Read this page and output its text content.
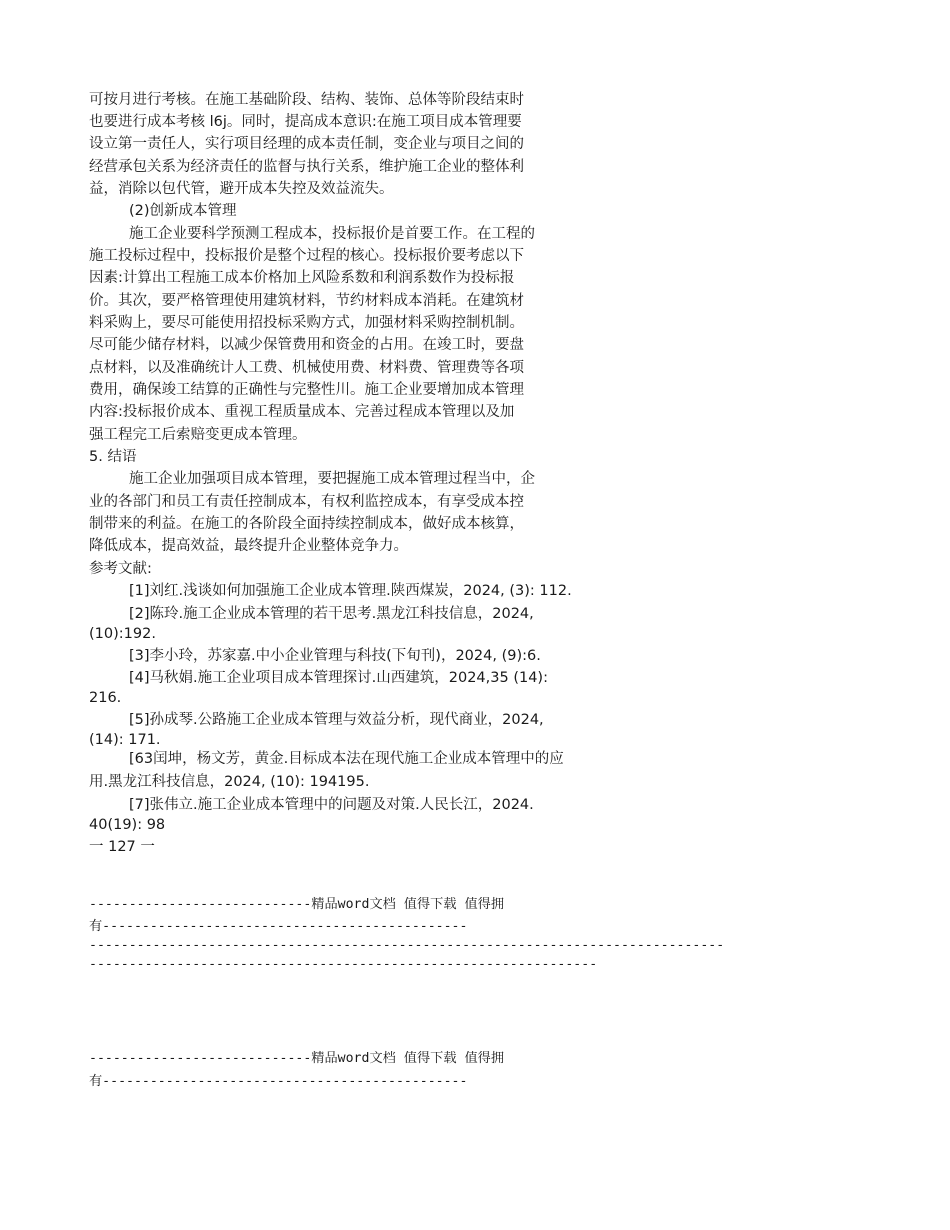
可按月进行考核。在施工基础阶段、结构、装饰、总体等阶段结束时
也要进行成本考核 l6j。同时，提高成本意识:在施工项目成本管理要
设立第一责任人，实行项目经理的成本责任制，变企业与项目之间的
经营承包关系为经济责任的监督与执行关系，维护施工企业的整体利
益，消除以包代管，避开成本失控及效益流失。
(2)创新成本管理
施工企业要科学预测工程成本，投标报价是首要工作。在工程的
施工投标过程中，投标报价是整个过程的核心。投标报价要考虑以下
因素:计算出工程施工成本价格加上风险系数和利润系数作为投标报
价。其次，要严格管理使用建筑材料，节约材料成本消耗。在建筑材
料采购上，要尽可能使用招投标采购方式，加强材料采购控制机制。
尽可能少储存材料，以减少保管费用和资金的占用。在竣工时，要盘
点材料，以及准确统计人工费、机械使用费、材料费、管理费等各项
费用，确保竣工结算的正确性与完整性川。施工企业要增加成本管理
内容:投标报价成本、重视工程质量成本、完善过程成本管理以及加
强工程完工后索赔变更成本管理。
5. 结语
施工企业加强项目成本管理，要把握施工成本管理过程当中，企
业的各部门和员工有责任控制成本，有权利监控成本，有享受成本控
制带来的利益。在施工的各阶段全面持续控制成本，做好成本核算，
降低成本，提高效益，最终提升企业整体竞争力。
参考文献:
[1]刘红.浅谈如何加强施工企业成本管理.陕西煤炭，2024, (3): 112.
[2]陈玲.施工企业成本管理的若干思考.黑龙江科技信息，2024,
(10):192.
[3]李小玲，苏家嘉.中小企业管理与科技(下旬刊)，2024, (9):6.
[4]马秋娟.施工企业项目成本管理探讨.山西建筑，2024,35 (14):
216.
[5]孙成琴.公路施工企业成本管理与效益分析，现代商业，2024,
(14): 171.
[63闰坤，杨文芳，黄金.目标成本法在现代施工企业成本管理中的应
用.黑龙江科技信息，2024, (10): 194195.
[7]张伟立.施工企业成本管理中的问题及对策.人民长江，2024.
40(19): 98
一 127 一
----------------------------精品word文档 值得下载 值得拥
有----------------------------------------------
--------------------------------------------------------------------------------
----------------------------------------------------------------
----------------------------精品word文档 值得下载 值得拥
有----------------------------------------------
